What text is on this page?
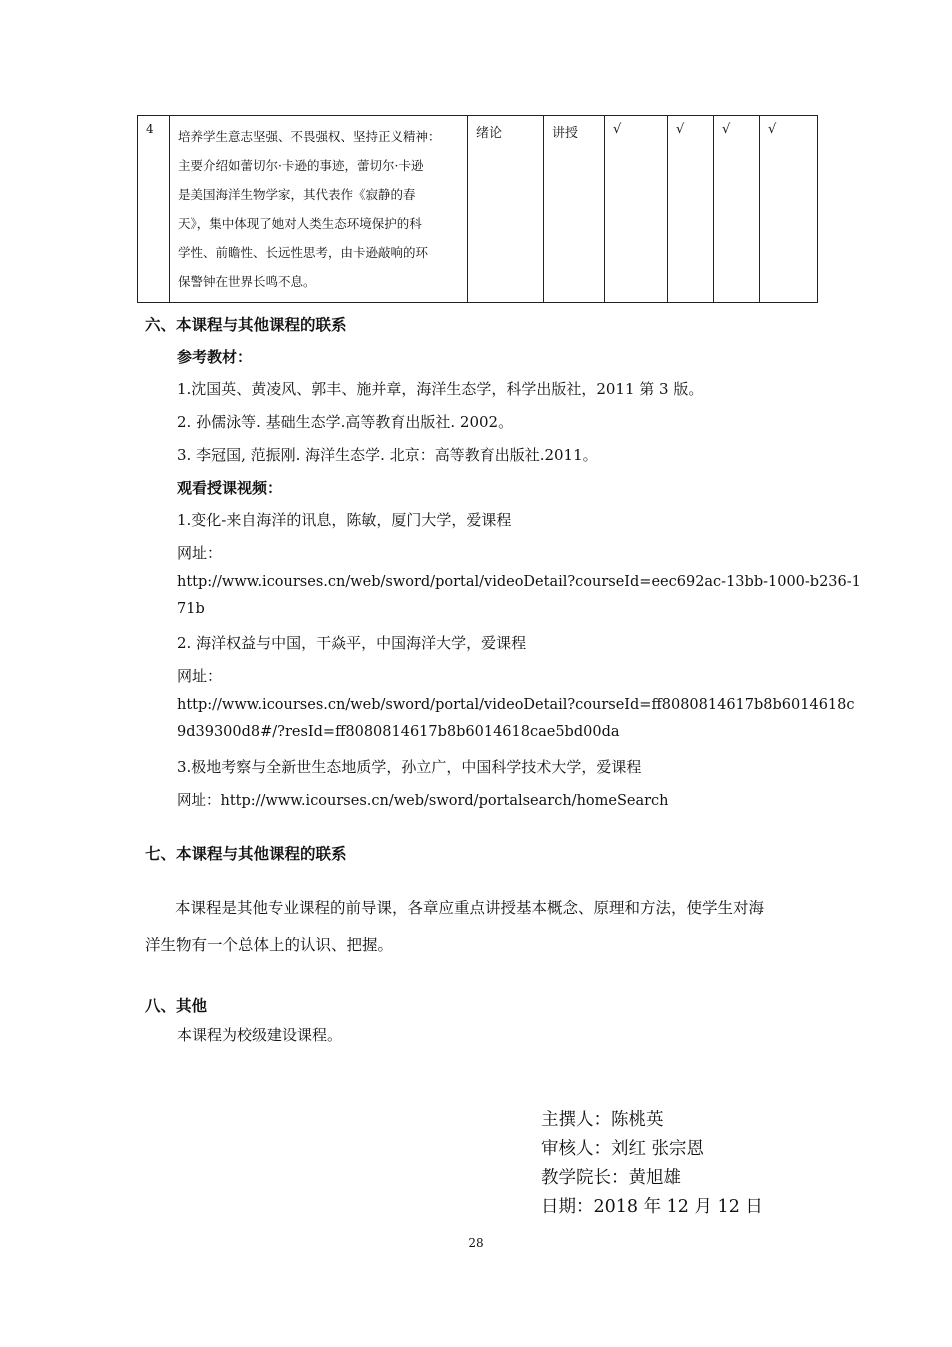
4	培养学生意志坚强、不畏强权、坚持正义精神：
主要介绍如蕾切尔·卡逊的事迹，蕾切尔·卡逊
是美国海洋生物学家，其代表作《寂静的春
天》，集中体现了她对人类生态环境保护的科
学性、前瞻性、长远性思考，由卡逊敲响的环
保警钟在世界长鸣不息。
	绪论	讲授	√	√	√	√
六、本课程与其他课程的联系
参考教材：
1.沈国英、黄凌风、郭丰、施并章，海洋生态学，科学出版社，2011 第 3 版。
2. 孙儒泳等. 基础生态学.高等教育出版社. 2002。
3. 李冠国, 范振刚. 海洋生态学. 北京：高等教育出版社.2011。
观看授课视频：
1.变化-来自海洋的讯息，陈敏，厦门大学，爱课程
网址：
http://www.icourses.cn/web/sword/portal/videoDetail?courseId=eec692ac-13bb-1000-b236-1
71b
2. 海洋权益与中国，干焱平，中国海洋大学，爱课程
网址：
http://www.icourses.cn/web/sword/portal/videoDetail?courseId=ff8080814617b8b6014618c
9d39300d8#/?resId=ff8080814617b8b6014618cae5bd00da
3.极地考察与全新世生态地质学，孙立广，中国科学技术大学，爱课程
网址：http://www.icourses.cn/web/sword/portalsearch/homeSearch
七、本课程与其他课程的联系
本课程是其他专业课程的前导课，各章应重点讲授基本概念、原理和方法，使学生对海
洋生物有一个总体上的认识、把握。
八、其他
本课程为校级建设课程。
主撰人：陈桃英
审核人：刘红 张宗恩
教学院长：黄旭雄
日期：2018 年 12 月 12 日
28
